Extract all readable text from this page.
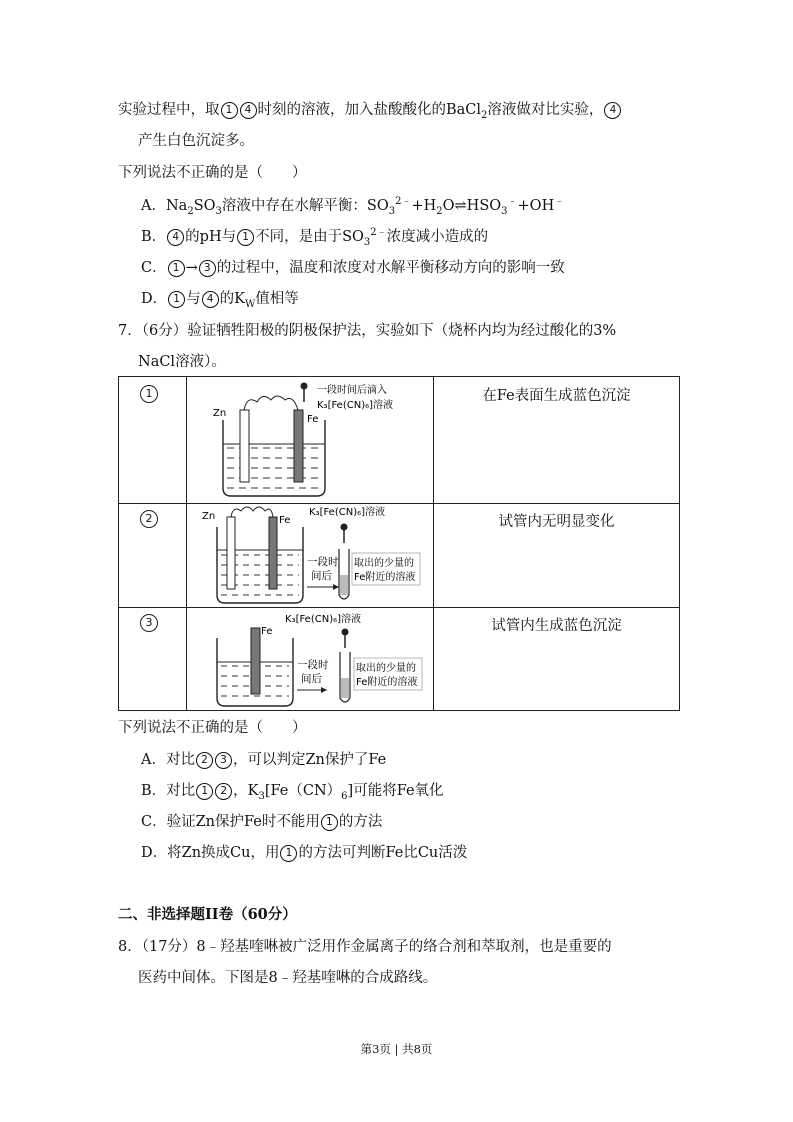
实验过程中，取 1 4 时刻的溶液，加入盐酸酸化的BaCl$_2$溶液做对比实验， 4
产生白色沉淀多。
下列说法不正确的是（　　）
A．$Na_2SO_3$溶液中存在水解平衡：$SO_3^{2﹣}+H_2O\rightleftharpoons HSO_3^﹣+OH^﹣$
B． 4 的pH与 1 不同，是由于$SO_3^{2﹣}$浓度减小造成的
C． 1 → 3 的过程中，温度和浓度对水解平衡移动方向的影响一致
D． 1 与 4 的$K_W$值相等
7．（6分）验证牺牲阳极的阴极保护法，实验如下（烧杯内均为经过酸化的3%
NaCl溶液）。
1
2
3
在Fe表面生成蓝色沉淀
试管内无明显变化
试管内生成蓝色沉淀
Zn
Fe
一段时间后滴入
K₃[Fe(CN)₆]溶液
Zn	Fe
一段时
间后
K₃[Fe(CN)₆]溶液
取出的少量的
Fe附近的溶液
Fe
一段时
间后
K₃[Fe(CN)₆]溶液
取出的少量的
Fe附近的溶液
下列说法不正确的是（　　）
A．对比 2 3 ，可以判定Zn保护了Fe
B．对比 1 2 ，$K_3[Fe(CN)_6]$可能将Fe氧化
C．验证Zn保护Fe时不能用 1 的方法
D．将Zn换成Cu，用 1 的方法可判断Fe比Cu活泼
二、非选择题II卷（60分）
8．（17分）8﹣羟基喹啉被广泛用作金属离子的络合剂和萃取剂，也是重要的
医药中间体。下图是8﹣羟基喹啉的合成路线。
第3页 | 共8页
